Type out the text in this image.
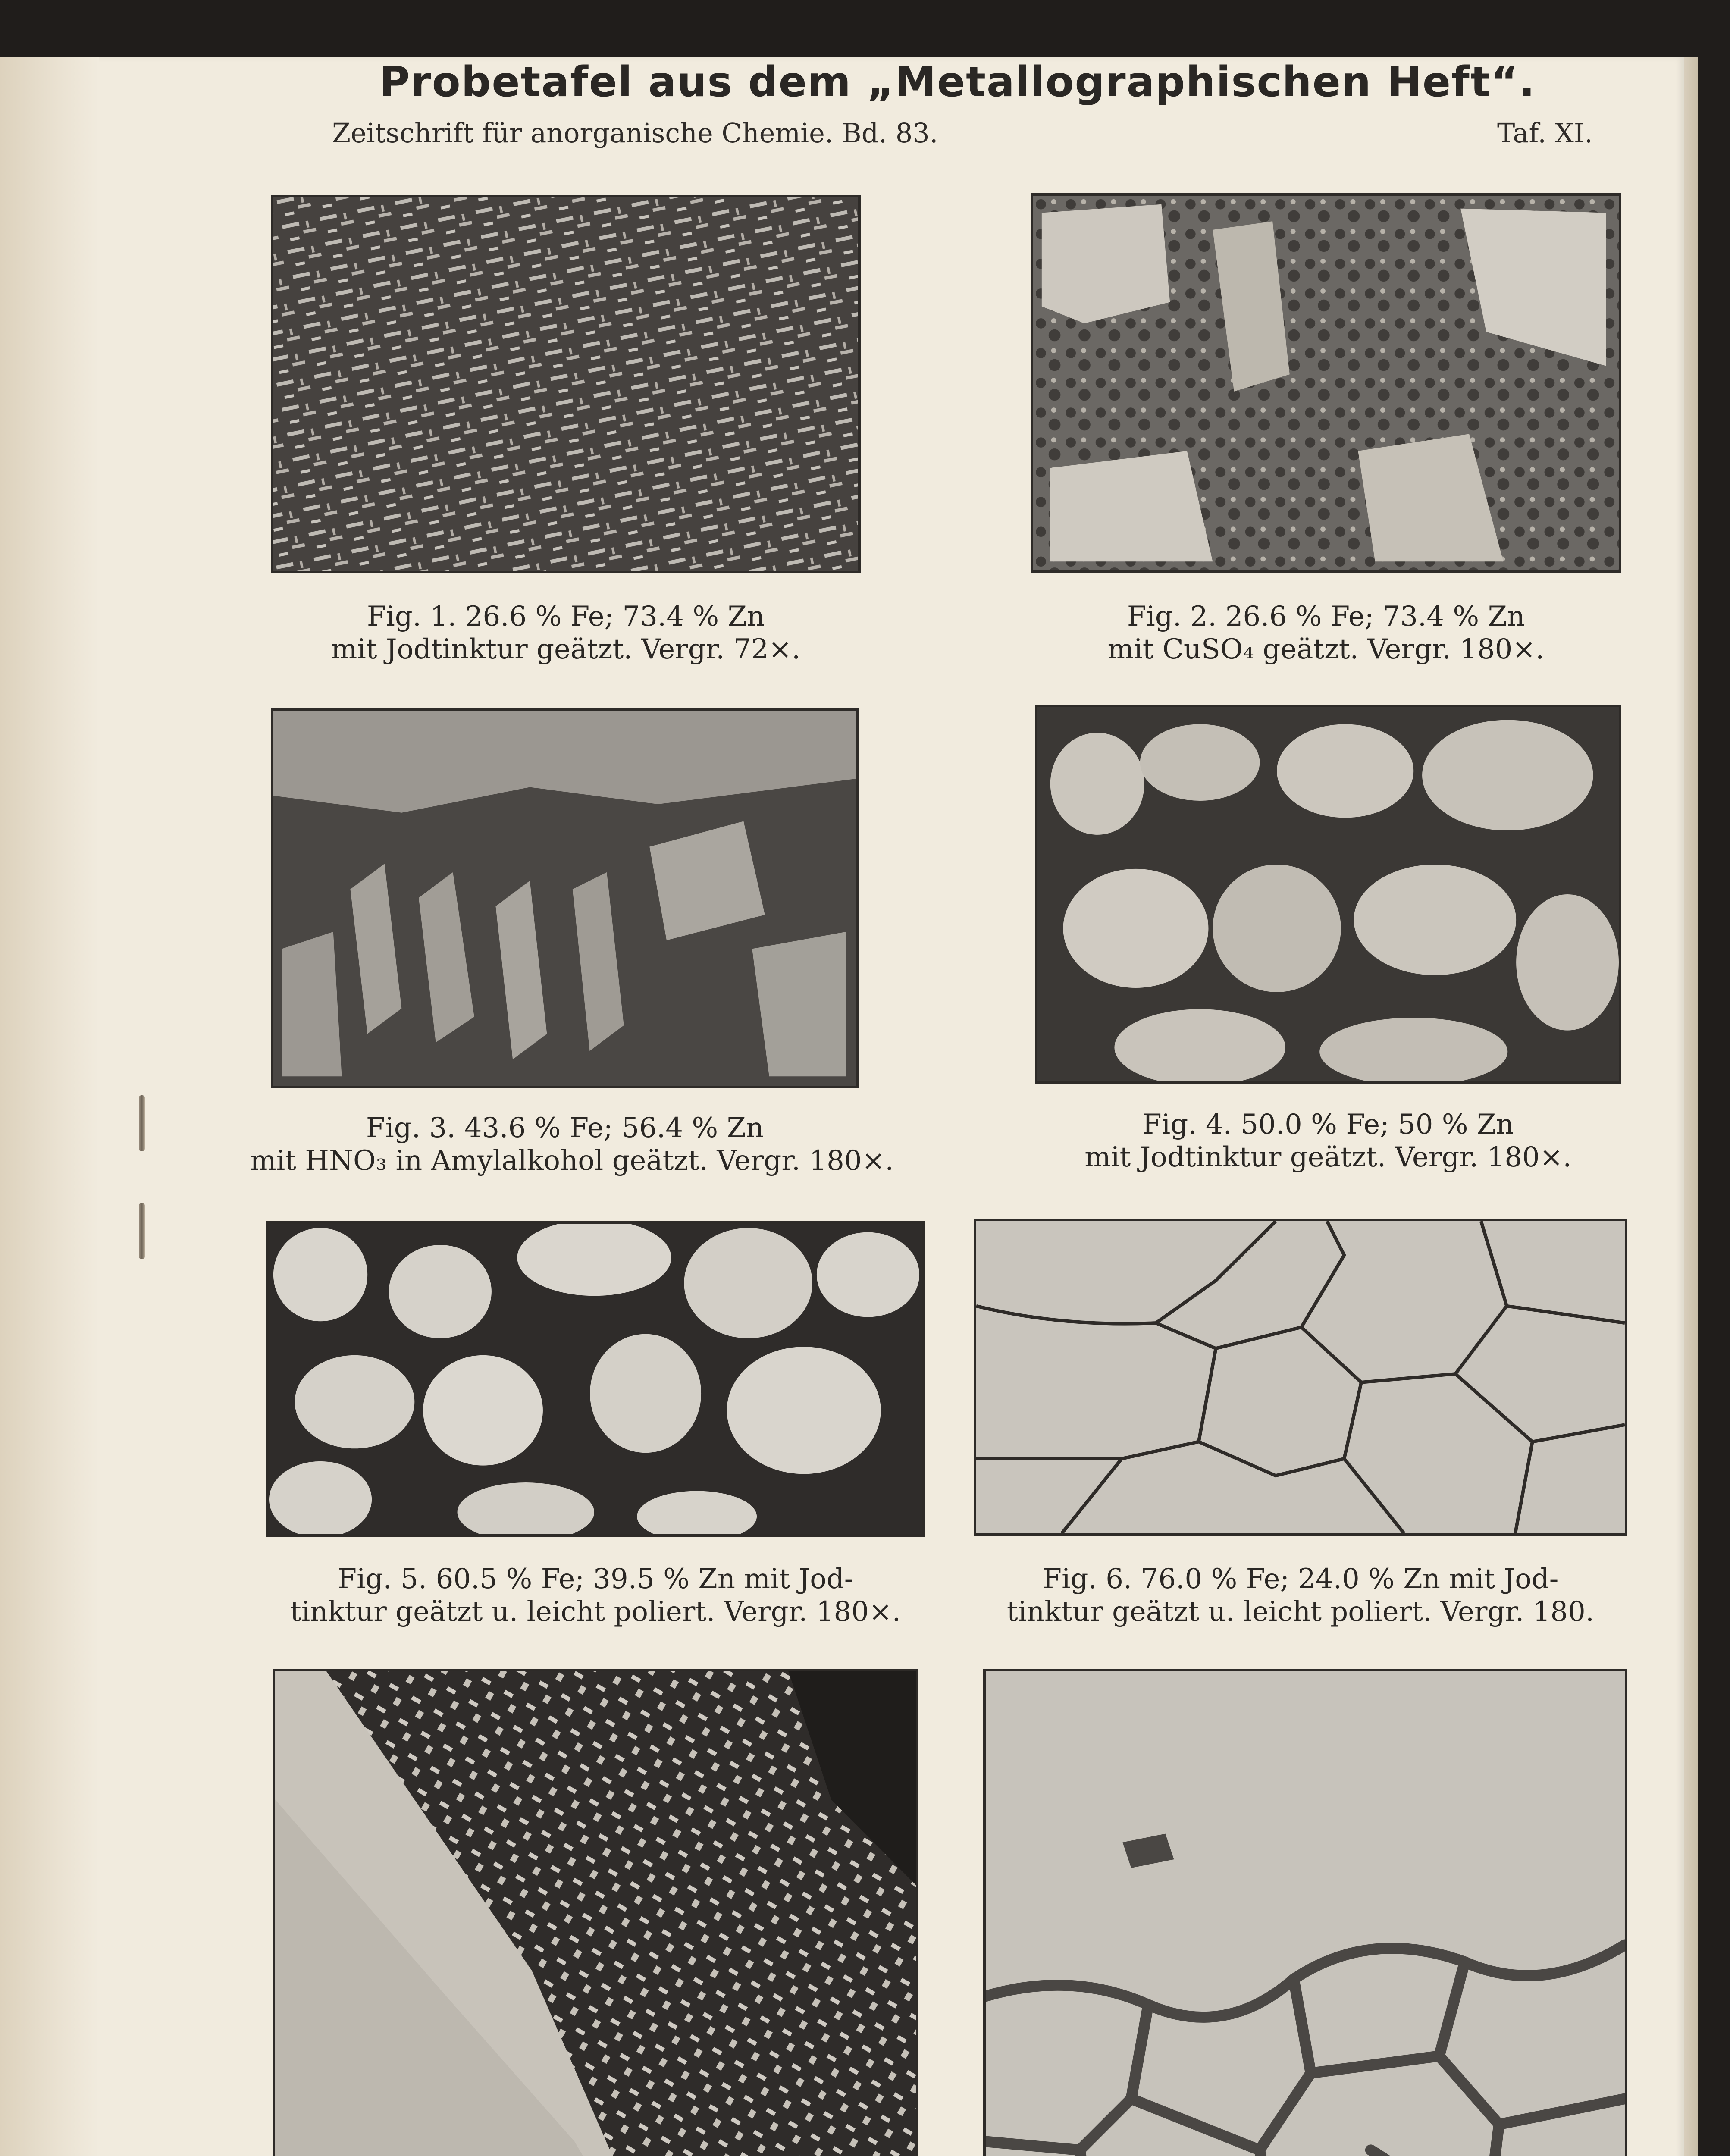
Probetafel aus dem „Metallographischen Heft“.
Zeitschrift für anorganische Chemie. Bd. 83.	Taf. XI.
Fig. 1. 26.6 % Fe; 73.4 % Zn
mit Jodtinktur geätzt. Vergr. 72×.
Fig. 2. 26.6 % Fe; 73.4 % Zn
mit CuSO₄ geätzt. Vergr. 180×.
Fig. 3. 43.6 % Fe; 56.4 % Zn
mit HNO₃ in Amylalkohol geätzt. Vergr. 180×.
Fig. 4. 50.0 % Fe; 50 % Zn
mit Jodtinktur geätzt. Vergr. 180×.
Fig. 5. 60.5 % Fe; 39.5 % Zn mit Jod-
tinktur geätzt u. leicht poliert. Vergr. 180×.
Fig. 6. 76.0 % Fe; 24.0 % Zn mit Jod-
tinktur geätzt u. leicht poliert. Vergr. 180.
